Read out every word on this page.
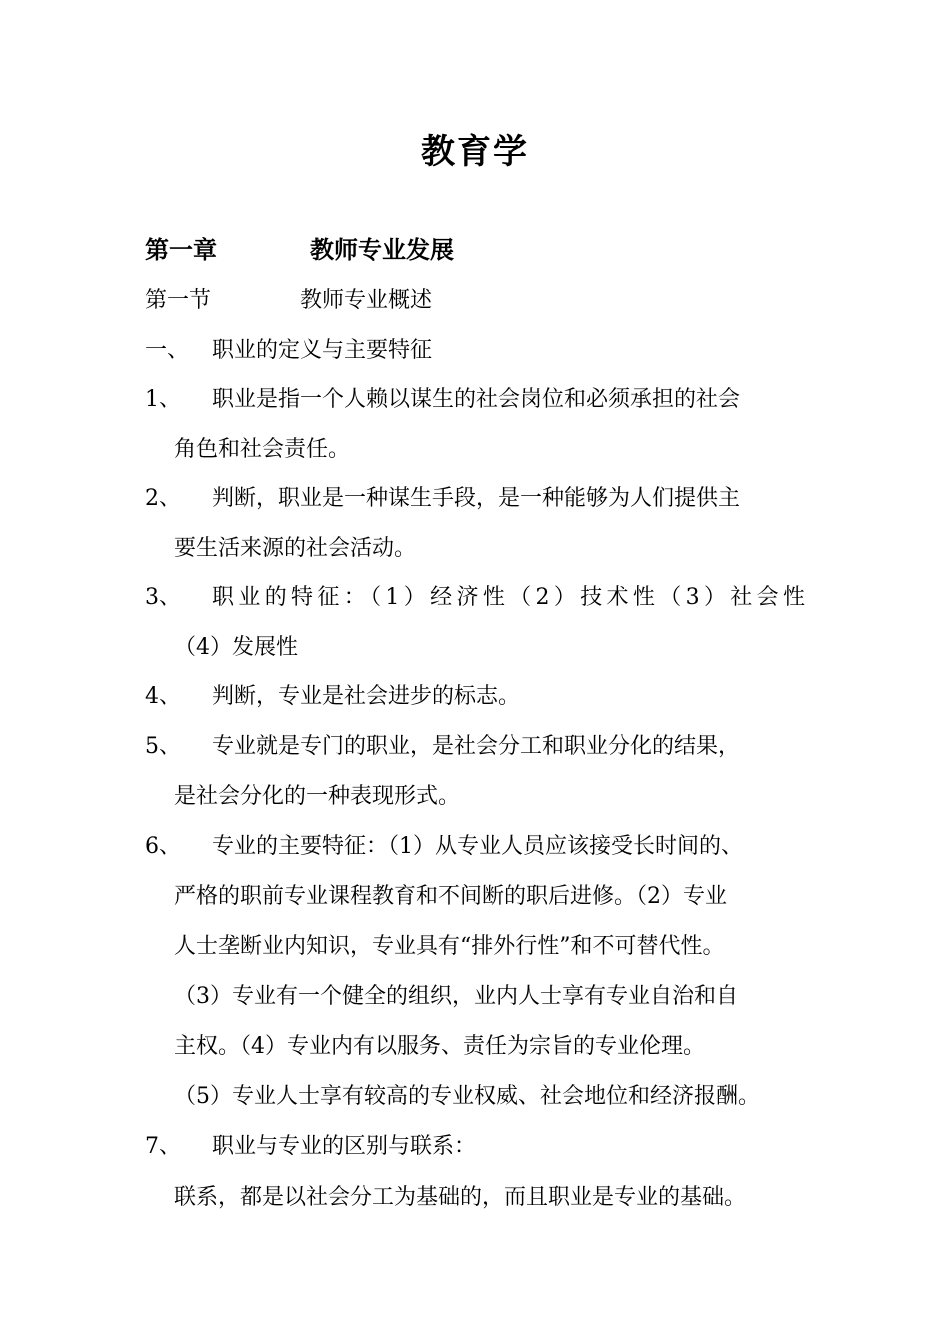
教育学
第一章	教师专业发展
第一节	教师专业概述
一、 职业的定义与主要特征
1、 职业是指一个人赖以谋生的社会岗位和必须承担的社会
角色和社会责任。
2、 判断，职业是一种谋生手段，是一种能够为人们提供主
要生活来源的社会活动。
3、 职业的特征：（1）经济性（2）技术性（3）社会性
（4）发展性
4、 判断，专业是社会进步的标志。
5、 专业就是专门的职业，是社会分工和职业分化的结果，
是社会分化的一种表现形式。
6、 专业的主要特征：（1）从专业人员应该接受长时间的、
严格的职前专业课程教育和不间断的职后进修。（2）专业
人士垄断业内知识，专业具有“排外行性”和不可替代性。
（3）专业有一个健全的组织，业内人士享有专业自治和自
主权。（4）专业内有以服务、责任为宗旨的专业伦理。
（5）专业人士享有较高的专业权威、社会地位和经济报酬。
7、 职业与专业的区别与联系：
联系，都是以社会分工为基础的，而且职业是专业的基础。
